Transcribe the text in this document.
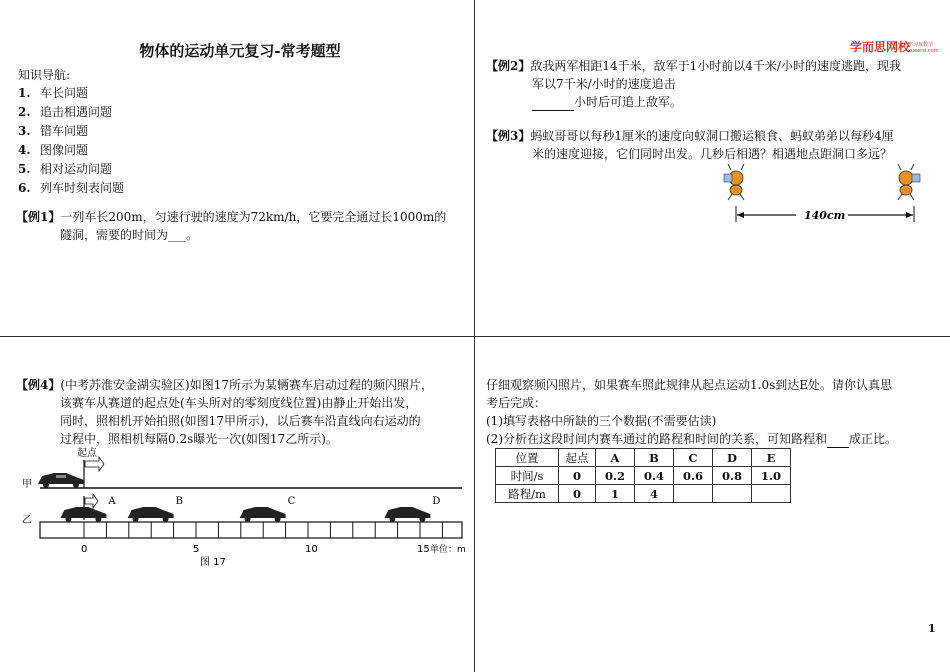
物体的运动单元复习-常考题型
知识导航:
1. 车长问题
2. 追击相遇问题
3. 错车问题
4. 图像问题
5. 相对运动问题
6. 列车时刻表问题
【例1】一列车长200m，匀速行驶的速度为72km/h，它要完全通过长1000m的
隧洞，需要的时间为___。
学而思网校
学习每数学 xueersi.com
【例2】敌我两军相距14千米，敌军于1小时前以4千米/小时的速度逃跑，现我
军以7千米/小时的速度追击
小时后可追上敌军。
【例3】蚂蚁哥哥以每秒1厘米的速度向蚁洞口搬运粮食、蚂蚁弟弟以每秒4厘
米的速度迎接，它们同时出发。几秒后相遇？相遇地点距洞口多远？
140cm
【例4】(中考苏淮安金湖实验区)如图17所示为某辆赛车启动过程的频闪照片，
该赛车从赛道的起点处(车头所对的零刻度线位置)由静止开始出发，
同时，照相机开始拍照(如图17甲所示)，以后赛车沿直线向右运动的
过程中，照相机每隔0.2s曝光一次(如图17乙所示)。
起点
甲
乙
A	B	C	D
0	5	10	15 单位：m
图 17
仔细观察频闪照片，如果赛车照此规律从起点运动1.0s到达E处。请你认真思
考后完成：
(1)填写表格中所缺的三个数据(不需要估读)
(2)分析在这段时间内赛车通过的路程和时间的关系，可知路程和 成正比。
位置	起点	A	B	C	D	E
时间/s	0	0.2	0.4	0.6	0.8	1.0
路程/m	0	1	4			
1
